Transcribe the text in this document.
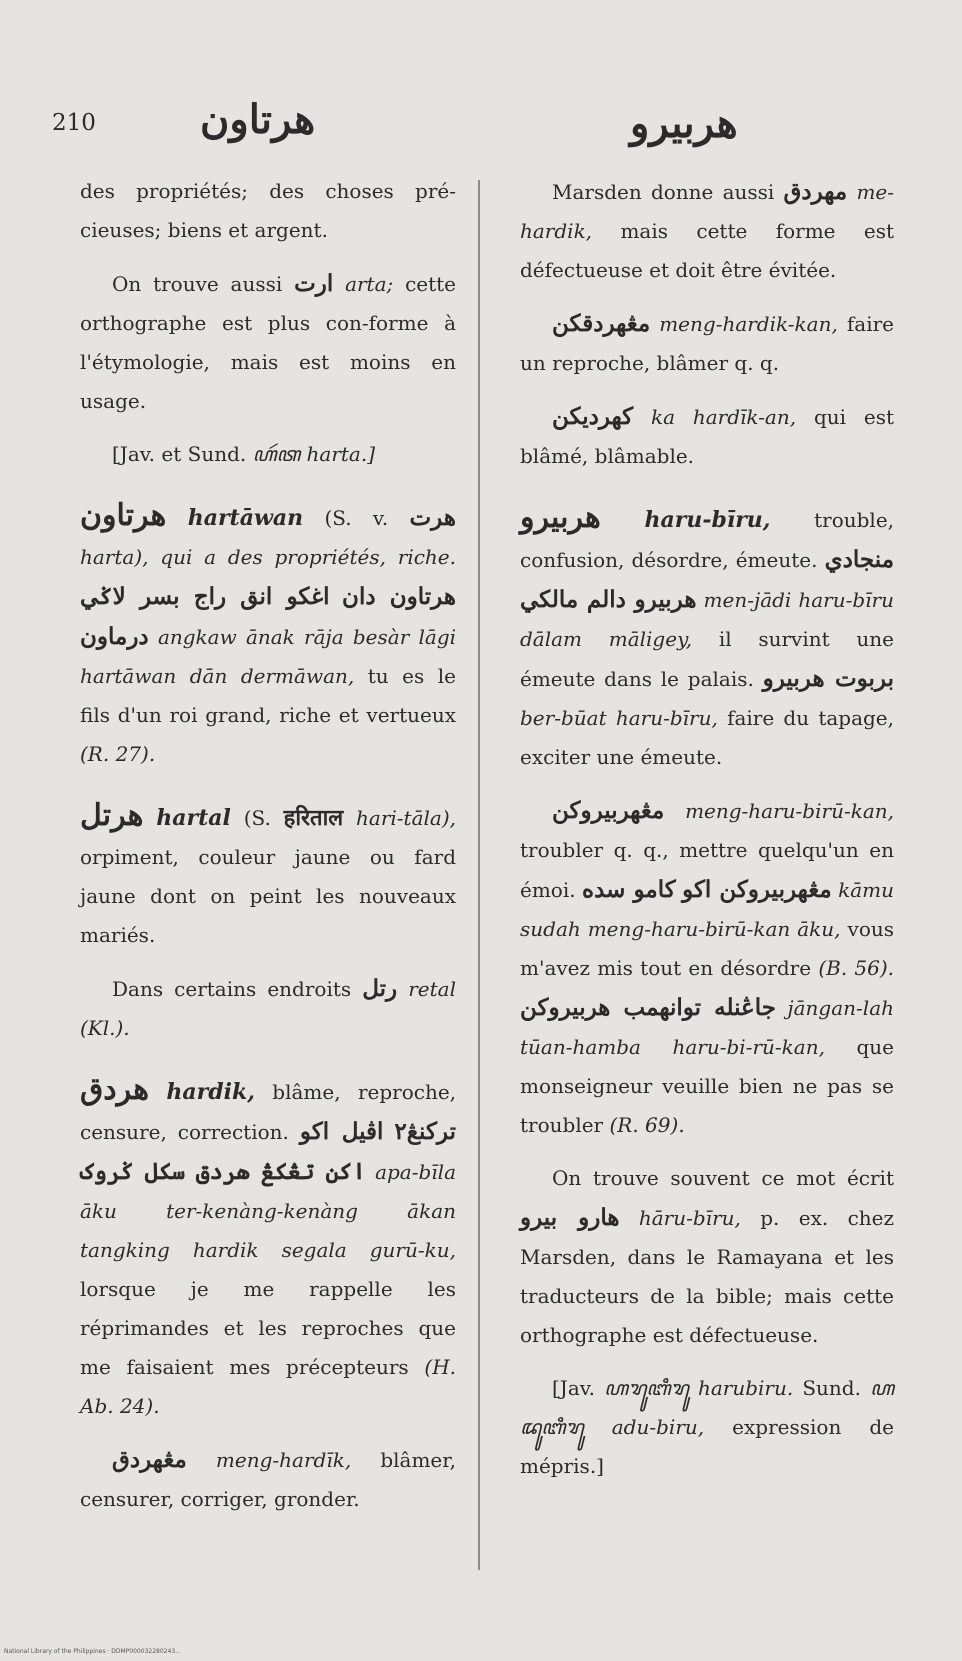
210	هرتاون	هربيرو

des propriétés; des choses pré-cieuses; biens et argent.

On trouve aussi ارت arta; cette orthographe est plus con-forme à l'étymologie, mais est moins en usage.

[Jav. et Sund. ꦲꦂꦠ harta.]

هرتاون hartāwan (S. v. هرت harta), qui a des propriétés, riche. اغكو انق راج بسر لاݢي هرتاون دان درماون angkaw ānak rāja besàr lāgi hartāwan dān dermāwan, tu es le fils d'un roi grand, riche et vertueux (R. 27).

هرتل hartal (S. हरिताल hari-tāla), orpiment, couleur jaune ou fard jaune dont on peint les nouveaux mariés.

Dans certains endroits رتل retal (Kl.).

هردق hardik, blâme, reproche, censure, correction. اڤيل اکو ترکنڠ٢ اکن تڠکڠ هردق سکل ݢروک apa-bīla āku ter-kenàng-kenàng ākan tangking hardik segala gurū-ku, lorsque je me rappelle les réprimandes et les reproches que me faisaient mes précepteurs (H. Ab. 24).

مڠهردق meng-hardīk, blâmer, censurer, corriger, gronder.

Marsden donne aussi مهردق me-hardik, mais cette forme est défectueuse et doit être évitée.

مڠهردقکن meng-hardik-kan, faire un reproche, blâmer q. q.

کهرديکن ka hardīk-an, qui est blâmé, blâmable.

هربيرو haru-bīru, trouble, confusion, désordre, émeute. منجادي هربيرو دالم مالکي men-jādi haru-bīru dālam māligey, il survint une émeute dans le palais. بربوت هربيرو ber-būat haru-bīru, faire du tapage, exciter une émeute.

مڠهربيروکن meng-haru-birū-kan, troubler q. q., mettre quelqu'un en émoi. کامو سده مڠهربيروکن اکو kāmu sudah meng-haru-birū-kan āku, vous m'avez mis tout en désordre (B. 56). جاڠنله توانهمب هربيروکن jāngan-lah tūan-hamba haru-bi-rū-kan, que monseigneur veuille bien ne pas se troubler (R. 69).

On trouve souvent ce mot écrit هارو بيرو hāru-bīru, p. ex. chez Marsden, dans le Ramayana et les traducteurs de la bible; mais cette orthographe est défectueuse.

[Jav. ꦲꦫꦸꦧꦶꦫꦸ harubiru. Sund. ꦲꦢꦸꦧꦶꦫꦸ adu-biru, expression de mépris.]

National Library of the Philippines · DDMP000032280243...
